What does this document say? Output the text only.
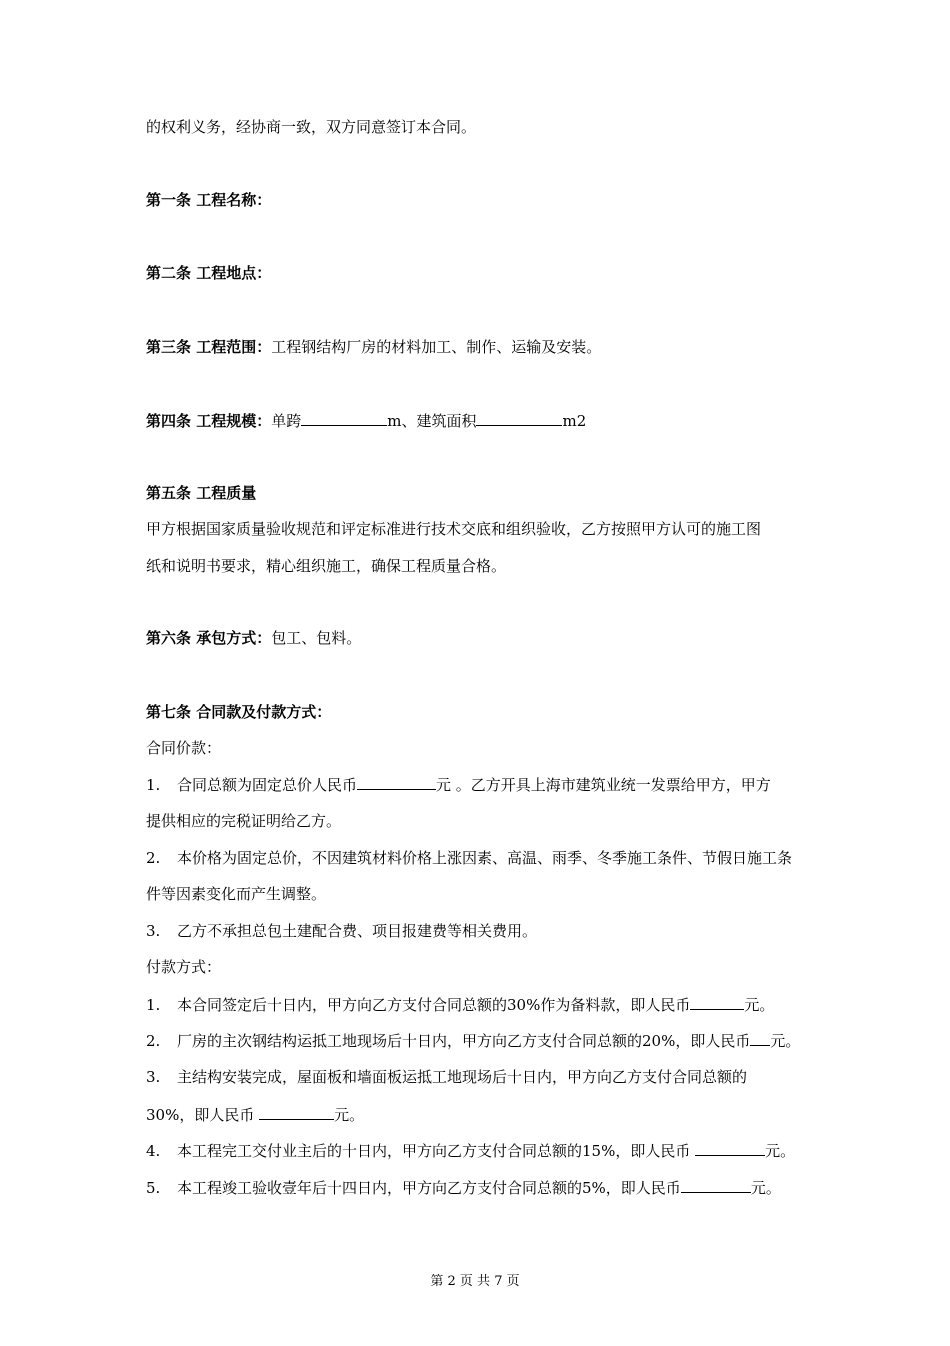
的权利义务，经协商一致，双方同意签订本合同。
第一条 工程名称：
第二条 工程地点：
第三条 工程范围：工程钢结构厂房的材料加工、制作、运输及安装。
第四条 工程规模：单跨	m、建筑面积	m2
第五条 工程质量
甲方根据国家质量验收规范和评定标准进行技术交底和组织验收，乙方按照甲方认可的施工图
纸和说明书要求，精心组织施工，确保工程质量合格。
第六条 承包方式：包工、包料。
第七条 合同款及付款方式：
合同价款：
1. 合同总额为固定总价人民币	元 。乙方开具上海市建筑业统一发票给甲方，甲方
提供相应的完税证明给乙方。
2. 本价格为固定总价，不因建筑材料价格上涨因素、高温、雨季、冬季施工条件、节假日施工条
件等因素变化而产生调整。
3. 乙方不承担总包土建配合费、项目报建费等相关费用。
付款方式：
1. 本合同签定后十日内，甲方向乙方支付合同总额的30%作为备料款，即人民币	元。
2. 厂房的主次钢结构运抵工地现场后十日内，甲方向乙方支付合同总额的20%，即人民币 元。
3. 主结构安装完成，屋面板和墙面板运抵工地现场后十日内，甲方向乙方支付合同总额的
30%，即人民币	元。
4. 本工程完工交付业主后的十日内，甲方向乙方支付合同总额的15%，即人民币	元。
5. 本工程竣工验收壹年后十四日内，甲方向乙方支付合同总额的5%，即人民币	元。
第 2 页 共 7 页
